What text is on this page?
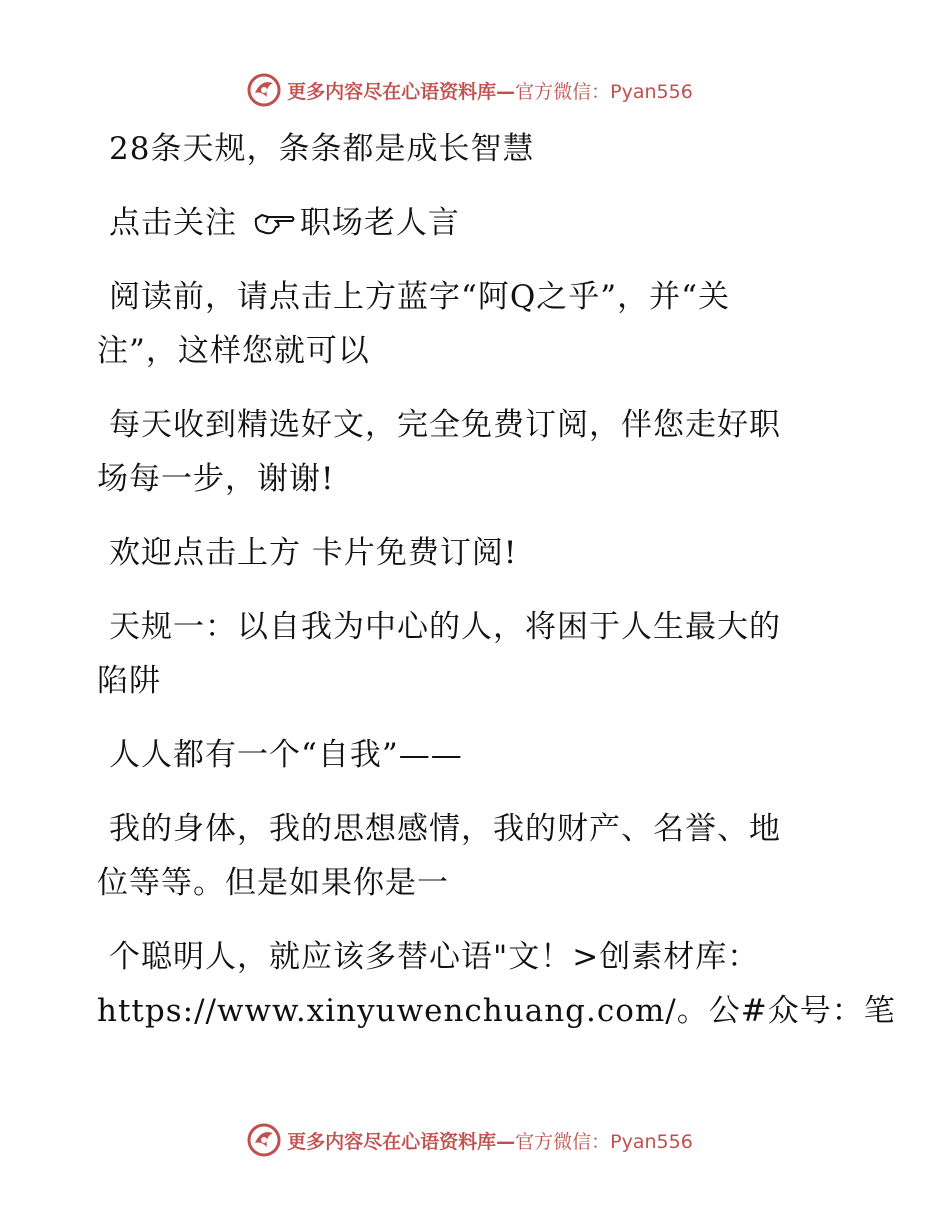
更多内容尽在心语资料库—官方微信：Pyan556
28条天规，条条都是成长智慧
点击关注 职场老人言
阅读前，请点击上方蓝字“阿Q之乎”，并“关
注”，这样您就可以
每天收到精选好文，完全免费订阅，伴您走好职
场每一步，谢谢!
欢迎点击上方 卡片免费订阅!
天规一：以自我为中心的人，将困于人生最大的
陷阱
人人都有一个“自我”——
我的身体，我的思想感情，我的财产、名誉、地
位等等。但是如果你是一
个聪明人，就应该多替心语"文！>创素材库：
https://www.xinyuwenchuang.com/。公#众号：笔
更多内容尽在心语资料库—官方微信：Pyan556
